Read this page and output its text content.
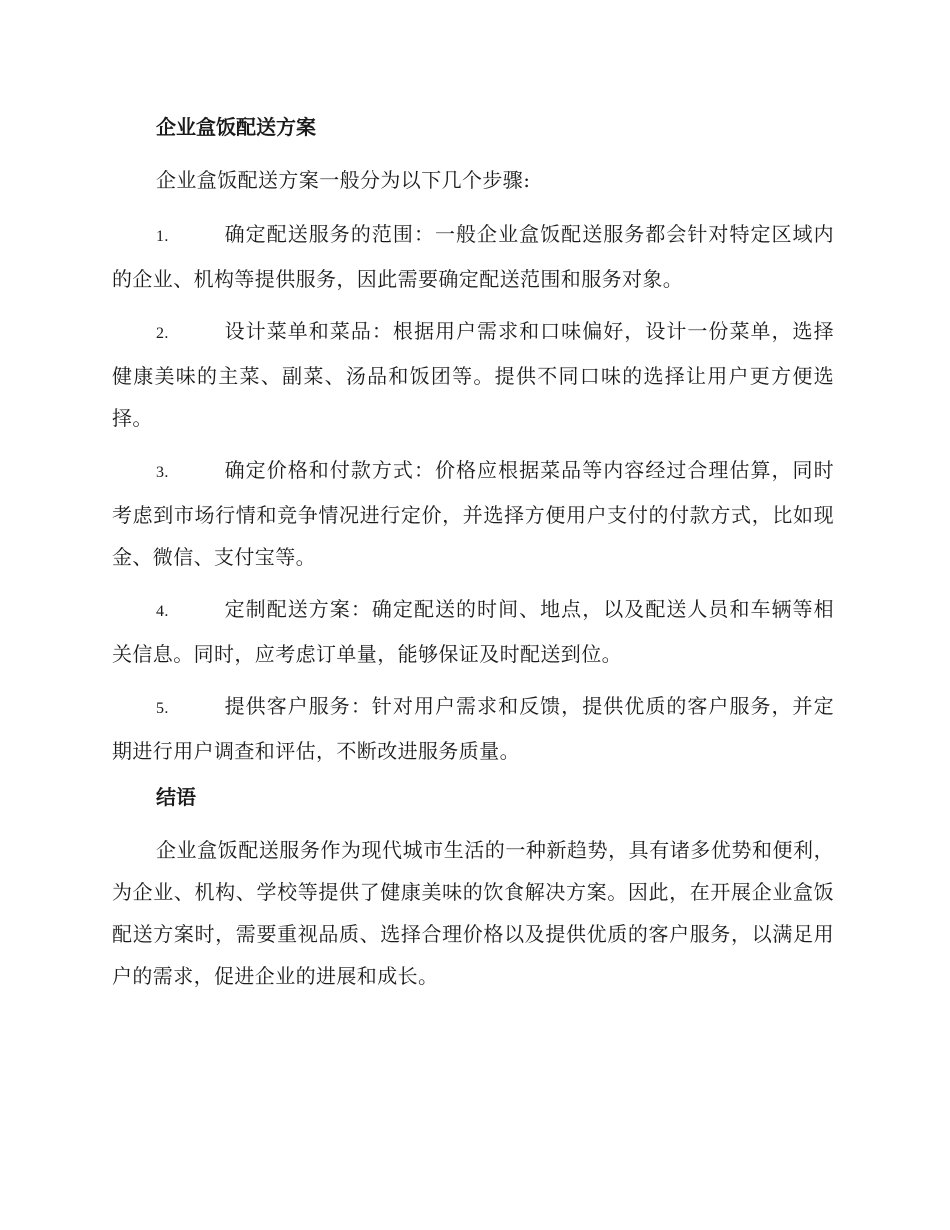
企业盒饭配送方案

企业盒饭配送方案一般分为以下几个步骤:

1.	确定配送服务的范围：一般企业盒饭配送服务都会针对特定区域内的企业、机构等提供服务，因此需要确定配送范围和服务对象。

2.	设计菜单和菜品：根据用户需求和口味偏好，设计一份菜单，选择健康美味的主菜、副菜、汤品和饭团等。提供不同口味的选择让用户更方便选择。

3.	确定价格和付款方式：价格应根据菜品等内容经过合理估算，同时考虑到市场行情和竞争情况进行定价，并选择方便用户支付的付款方式，比如现金、微信、支付宝等。

4.	定制配送方案：确定配送的时间、地点，以及配送人员和车辆等相关信息。同时，应考虑订单量，能够保证及时配送到位。

5.	提供客户服务：针对用户需求和反馈，提供优质的客户服务，并定期进行用户调查和评估，不断改进服务质量。

结语

企业盒饭配送服务作为现代城市生活的一种新趋势，具有诸多优势和便利，为企业、机构、学校等提供了健康美味的饮食解决方案。因此，在开展企业盒饭配送方案时，需要重视品质、选择合理价格以及提供优质的客户服务，以满足用户的需求，促进企业的进展和成长。
